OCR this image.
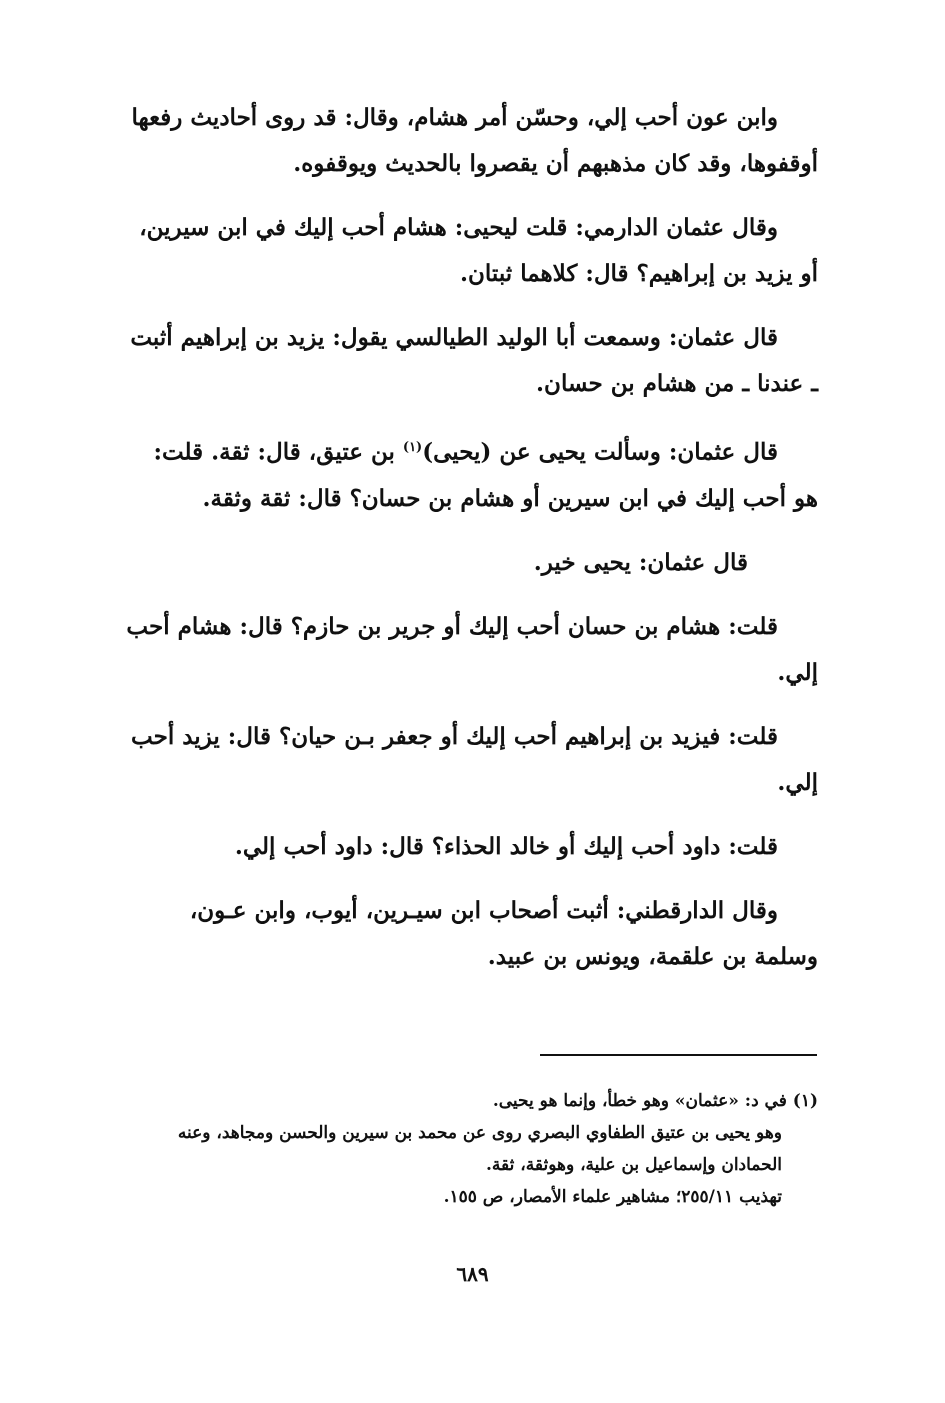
وابن عون أحب إلي، وحسّن أمر هشام، وقال: قد روى أحاديث رفعها
أوقفوها، وقد كان مذهبهم أن يقصروا بالحديث ويوقفوه.

وقال عثمان الدارمي: قلت ليحيى: هشام أحب إليك في ابن سيرين،
أو يزيد بن إبراهيم؟ قال: كلاهما ثبتان.

قال عثمان: وسمعت أبا الوليد الطيالسي يقول: يزيد بن إبراهيم أثبت
ـ عندنا ـ من هشام بن حسان.

قال عثمان: وسألت يحيى عن (يحيى)$^{(١)}$ بن عتيق، قال: ثقة. قلت:
هو أحب إليك في ابن سيرين أو هشام بن حسان؟ قال: ثقة وثقة.

قال عثمان: يحيى خير.

قلت: هشام بن حسان أحب إليك أو جرير بن حازم؟ قال: هشام أحب
إلي.

قلت: فيزيد بن إبراهيم أحب إليك أو جعفر بـن حيان؟ قال: يزيد أحب
إلي.

قلت: داود أحب إليك أو خالد الحذاء؟ قال: داود أحب إلي.

وقال الدارقطني: أثبت أصحاب ابن سيـرين، أيوب، وابن عـون،
وسلمة بن علقمة، ويونس بن عبيد.

(١) في د: «عثمان» وهو خطأ، وإنما هو يحيى.
وهو يحيى بن عتيق الطفاوي البصري روى عن محمد بن سيرين والحسن ومجاهد، وعنه
الحمادان وإسماعيل بن علية، وهوثقة، ثقة.
تهذيب ٢٥٥/١١؛ مشاهير علماء الأمصار، ص ١٥٥.
٦٨٩
